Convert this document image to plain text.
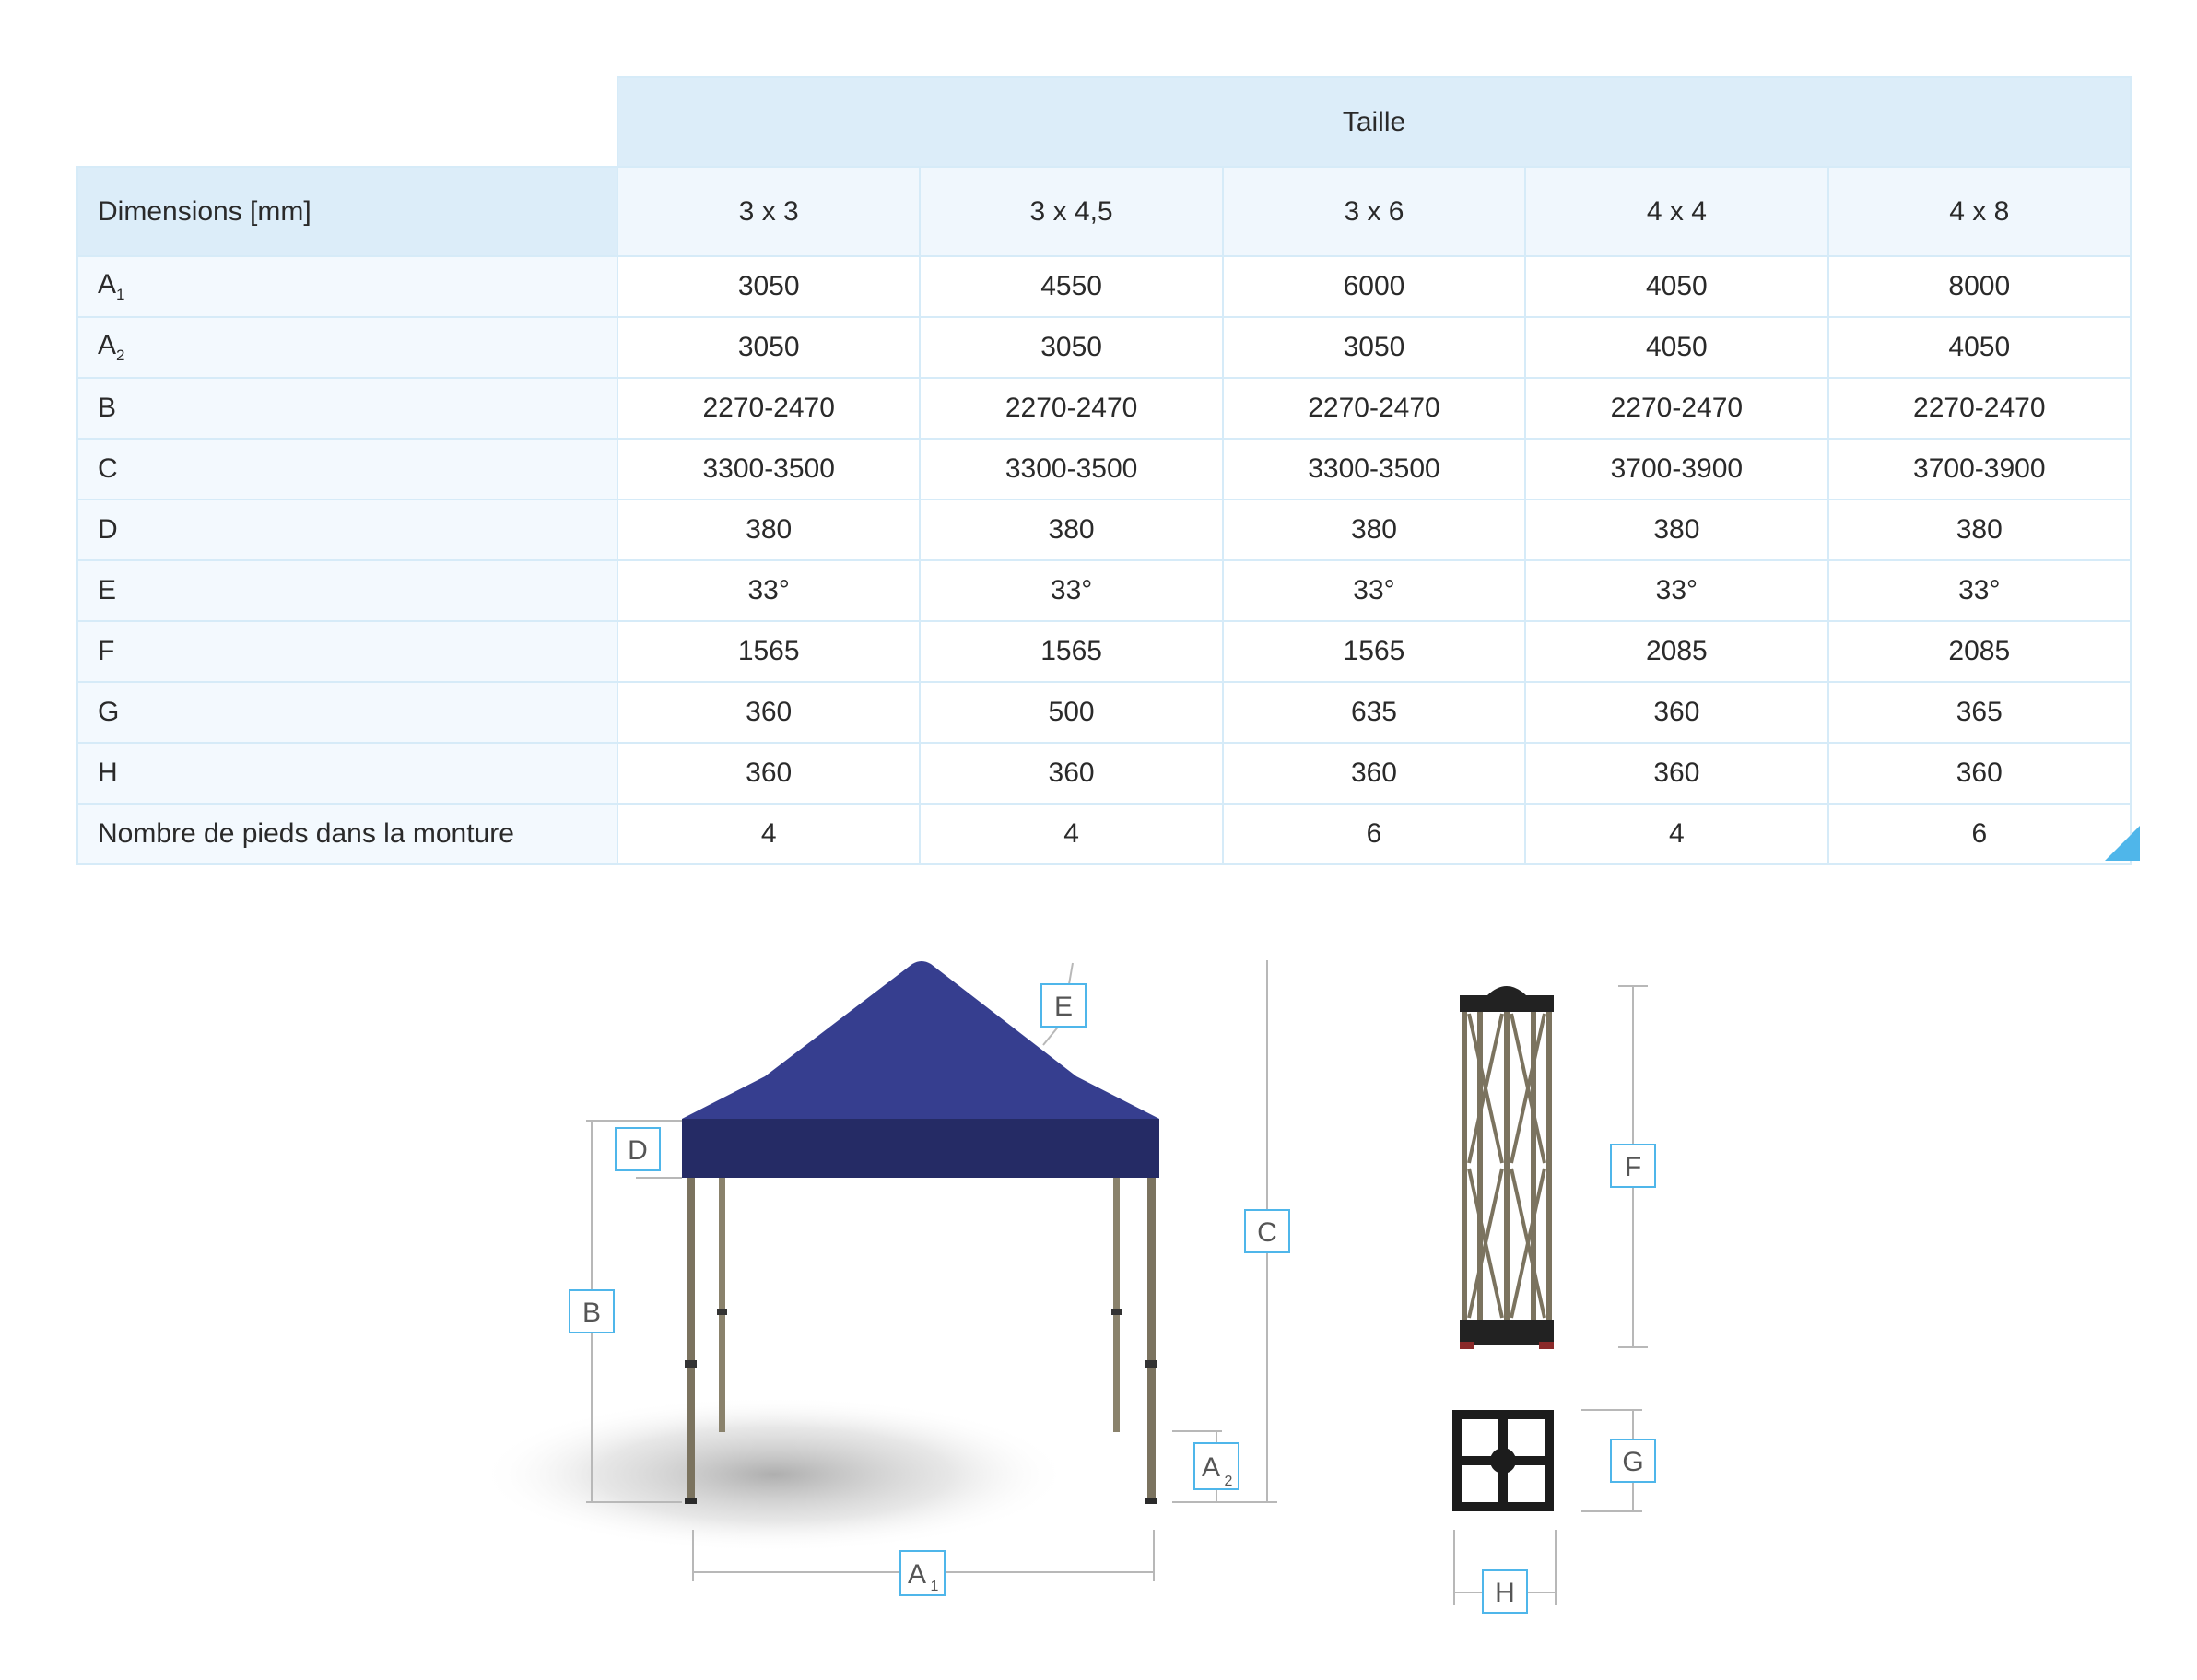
	Taille				
Dimensions [mm]	3 x 3	3 x 4,5	3 x 6	4 x 4	4 x 8
$A_1$	3050	4550	6000	4050	8000
$A_2$	3050	3050	3050	4050	4050
B	2270-2470	2270-2470	2270-2470	2270-2470	2270-2470
C	3300-3500	3300-3500	3300-3500	3700-3900	3700-3900
D	380	380	380	380	380
E	33°	33°	33°	33°	33°
F	1565	1565	1565	2085	2085
G	360	500	635	360	365
H	360	360	360	360	360
Nombre de pieds dans la monture	4	4	6	4	6
D
B
E
C
A 2
A 1
F
G
H
